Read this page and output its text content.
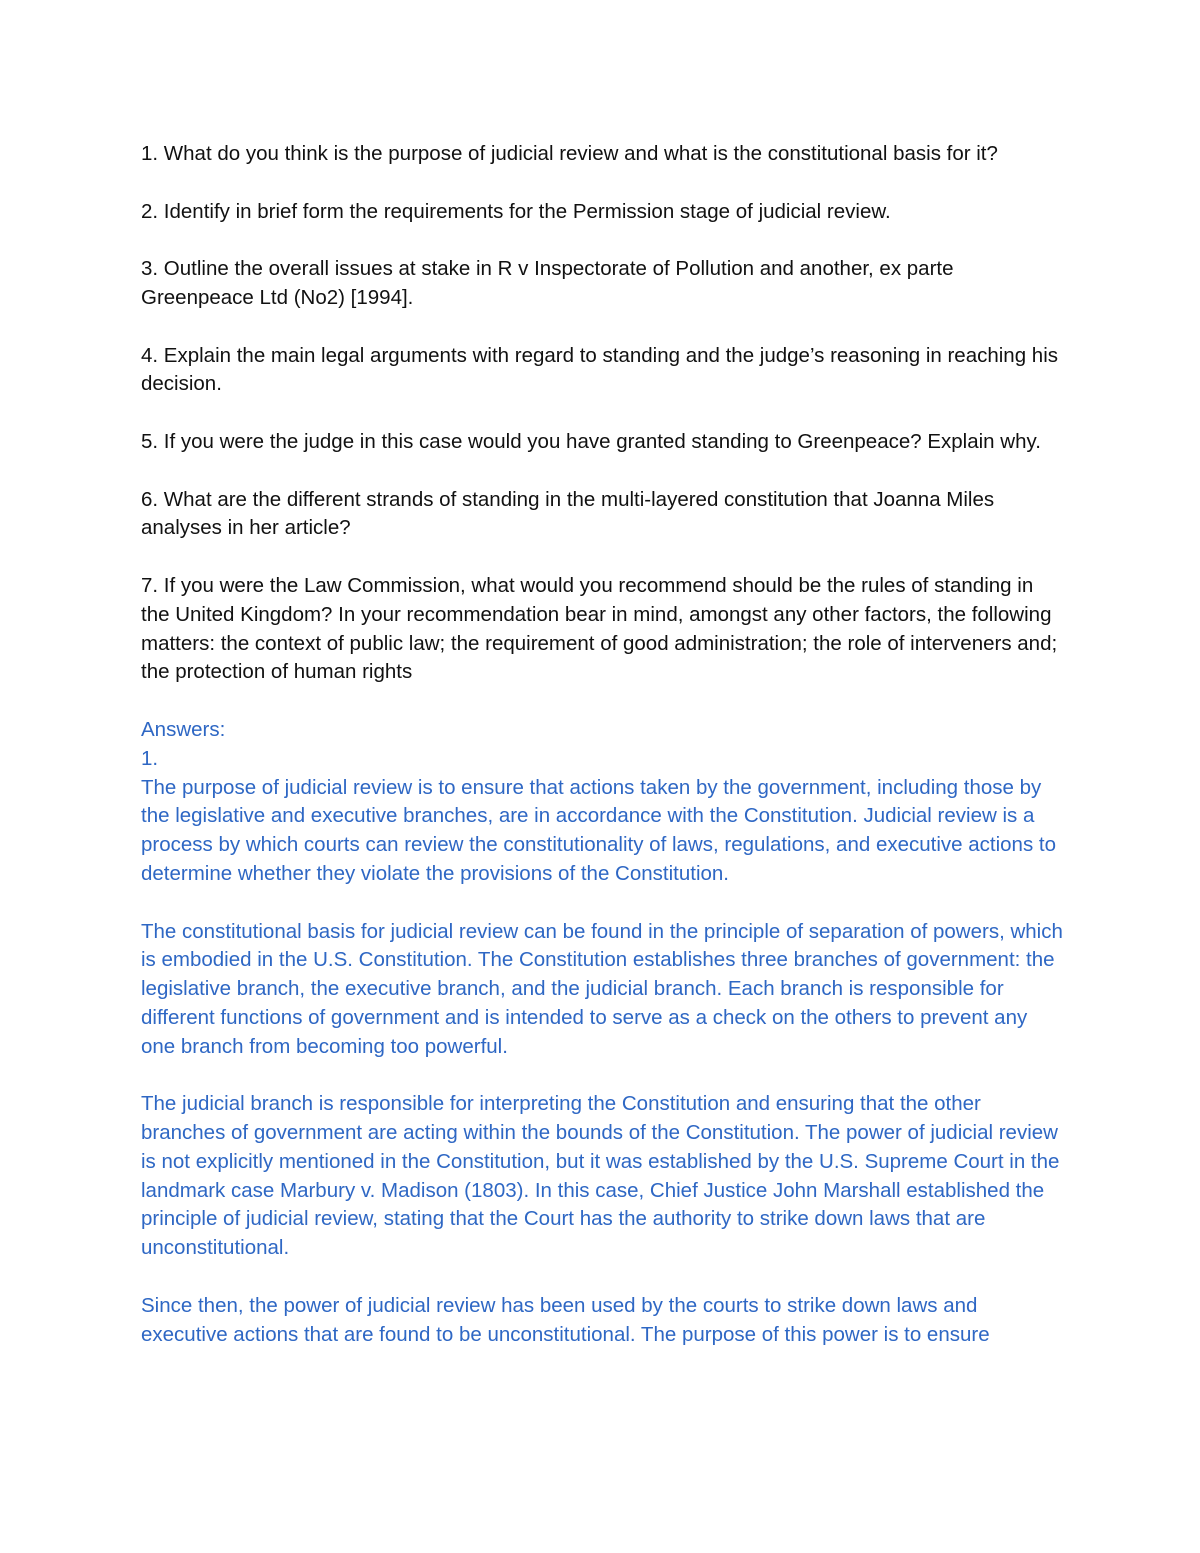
1. What do you think is the purpose of judicial review and what is the constitutional basis for it?

2. Identify in brief form the requirements for the Permission stage of judicial review.

3. Outline the overall issues at stake in R v Inspectorate of Pollution and another, ex parte Greenpeace Ltd (No2) [1994].

4. Explain the main legal arguments with regard to standing and the judge’s reasoning in reaching his decision.

5. If you were the judge in this case would you have granted standing to Greenpeace? Explain why.

6. What are the different strands of standing in the multi-layered constitution that Joanna Miles analyses in her article?

7. If you were the Law Commission, what would you recommend should be the rules of standing in the United Kingdom? In your recommendation bear in mind, amongst any other factors, the following matters: the context of public law; the requirement of good administration; the role of interveners and; the protection of human rights

Answers:
1.

The purpose of judicial review is to ensure that actions taken by the government, including those by the legislative and executive branches, are in accordance with the Constitution. Judicial review is a process by which courts can review the constitutionality of laws, regulations, and executive actions to determine whether they violate the provisions of the Constitution.

The constitutional basis for judicial review can be found in the principle of separation of powers, which is embodied in the U.S. Constitution. The Constitution establishes three branches of government: the legislative branch, the executive branch, and the judicial branch. Each branch is responsible for different functions of government and is intended to serve as a check on the others to prevent any one branch from becoming too powerful.

The judicial branch is responsible for interpreting the Constitution and ensuring that the other branches of government are acting within the bounds of the Constitution. The power of judicial review is not explicitly mentioned in the Constitution, but it was established by the U.S. Supreme Court in the landmark case Marbury v. Madison (1803). In this case, Chief Justice John Marshall established the principle of judicial review, stating that the Court has the authority to strike down laws that are unconstitutional.

Since then, the power of judicial review has been used by the courts to strike down laws and executive actions that are found to be unconstitutional. The purpose of this power is to ensure
